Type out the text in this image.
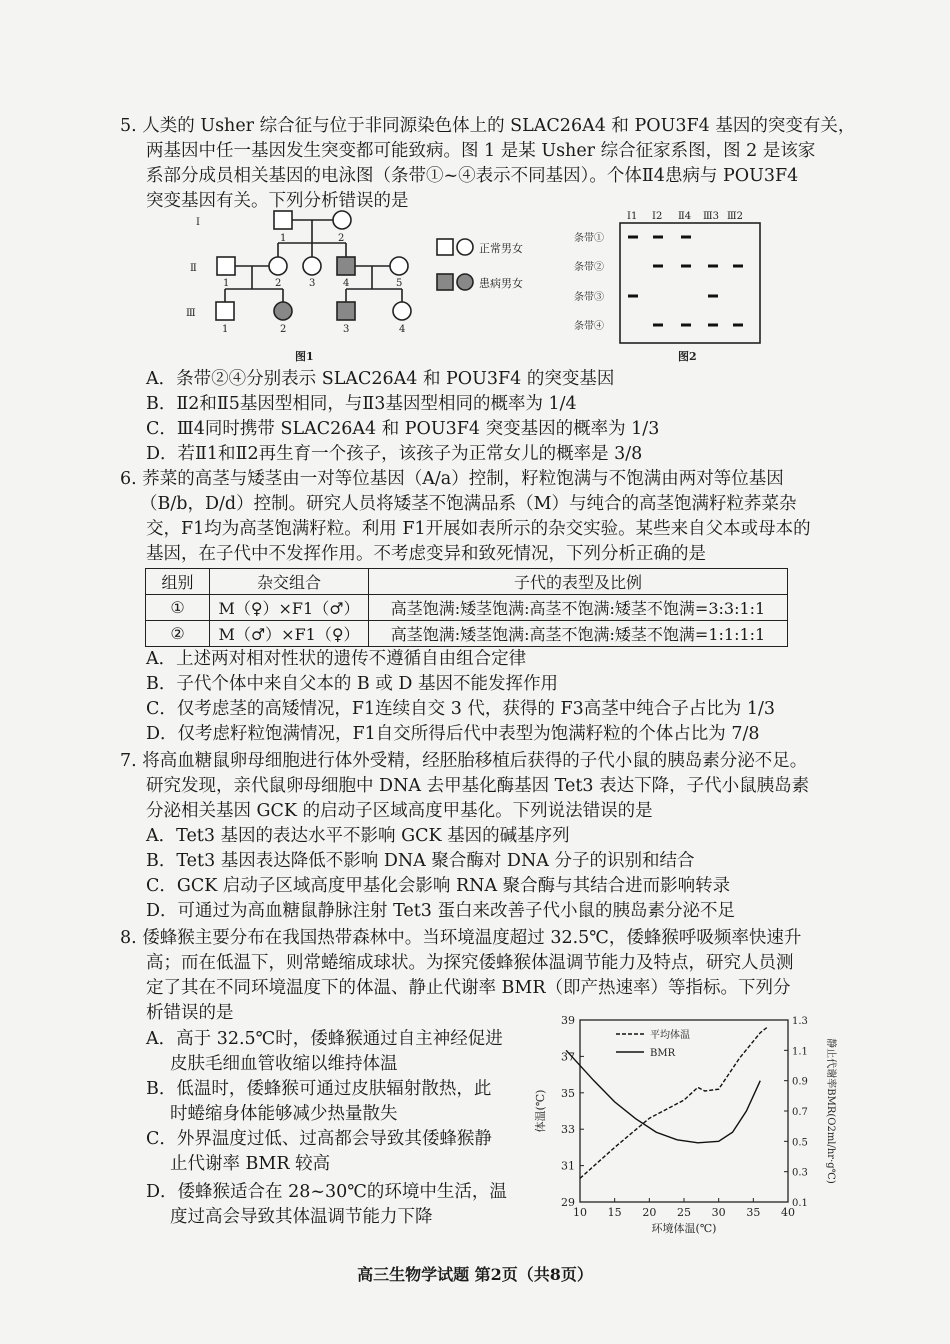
5. 人类的 Usher 综合征与位于非同源染色体上的 SLAC26A4 和 POU3F4 基因的突变有关，
两基因中任一基因发生突变都可能致病。图 1 是某 Usher 综合征家系图，图 2 是该家
系部分成员相关基因的电泳图（条带①~④表示不同基因）。个体Ⅱ4患病与 POU3F4
突变基因有关。下列分析错误的是
Ⅰ
Ⅱ
Ⅲ
1	2
1	2	3	4	5
1	2	3	4
图1
正常男女
患病男女
Ⅰ1 Ⅰ2 Ⅱ4 Ⅲ3 Ⅲ2
条带①
条带②
条带③
条带④
图2
A．条带②④分别表示 SLAC26A4 和 POU3F4 的突变基因
B．Ⅱ2和Ⅱ5基因型相同，与Ⅱ3基因型相同的概率为 1/4
C．Ⅲ4同时携带 SLAC26A4 和 POU3F4 突变基因的概率为 1/3
D．若Ⅱ1和Ⅱ2再生育一个孩子，该孩子为正常女儿的概率是 3/8
6. 荞菜的高茎与矮茎由一对等位基因（A/a）控制，籽粒饱满与不饱满由两对等位基因
（B/b，D/d）控制。研究人员将矮茎不饱满品系（M）与纯合的高茎饱满籽粒荞菜杂
交，F1均为高茎饱满籽粒。利用 F1开展如表所示的杂交实验。某些来自父本或母本的
基因，在子代中不发挥作用。不考虑变异和致死情况，下列分析正确的是
组别	杂交组合	子代的表型及比例
①	M（♀）×F1（♂）	高茎饱满:矮茎饱满:高茎不饱满:矮茎不饱满=3:3:1:1
②	M（♂）×F1（♀）	高茎饱满:矮茎饱满:高茎不饱满:矮茎不饱满=1:1:1:1
A．上述两对相对性状的遗传不遵循自由组合定律
B．子代个体中来自父本的 B 或 D 基因不能发挥作用
C．仅考虑茎的高矮情况，F1连续自交 3 代，获得的 F3高茎中纯合子占比为 1/3
D．仅考虑籽粒饱满情况，F1自交所得后代中表型为饱满籽粒的个体占比为 7/8
7. 将高血糖鼠卵母细胞进行体外受精，经胚胎移植后获得的子代小鼠的胰岛素分泌不足。
研究发现，亲代鼠卵母细胞中 DNA 去甲基化酶基因 Tet3 表达下降，子代小鼠胰岛素
分泌相关基因 GCK 的启动子区域高度甲基化。下列说法错误的是
A．Tet3 基因的表达水平不影响 GCK 基因的碱基序列
B．Tet3 基因表达降低不影响 DNA 聚合酶对 DNA 分子的识别和结合
C．GCK 启动子区域高度甲基化会影响 RNA 聚合酶与其结合进而影响转录
D．可通过为高血糖鼠静脉注射 Tet3 蛋白来改善子代小鼠的胰岛素分泌不足
8. 倭蜂猴主要分布在我国热带森林中。当环境温度超过 32.5℃，倭蜂猴呼吸频率快速升
高；而在低温下，则常蜷缩成球状。为探究倭蜂猴体温调节能力及特点，研究人员测
定了其在不同环境温度下的体温、静止代谢率 BMR（即产热速率）等指标。下列分
析错误的是
A．高于 32.5℃时，倭蜂猴通过自主神经促进
皮肤毛细血管收缩以维持体温
B．低温时，倭蜂猴可通过皮肤辐射散热，此
时蜷缩身体能够减少热量散失
C．外界温度过低、过高都会导致其倭蜂猴静
止代谢率 BMR 较高
D．倭蜂猴适合在 28~30℃的环境中生活，温
度过高会导致其体温调节能力下降	10 15 20 25 30 35 40
29
31
33
35
37
39
0.1
0.3
0.5
0.7
0.9
1.1
1.3
环境体温(℃)
体温(℃)	静止代谢率BMR(O2ml/hr·g℃)
平均体温
BMR
高三生物学试题 第2页（共8页）
